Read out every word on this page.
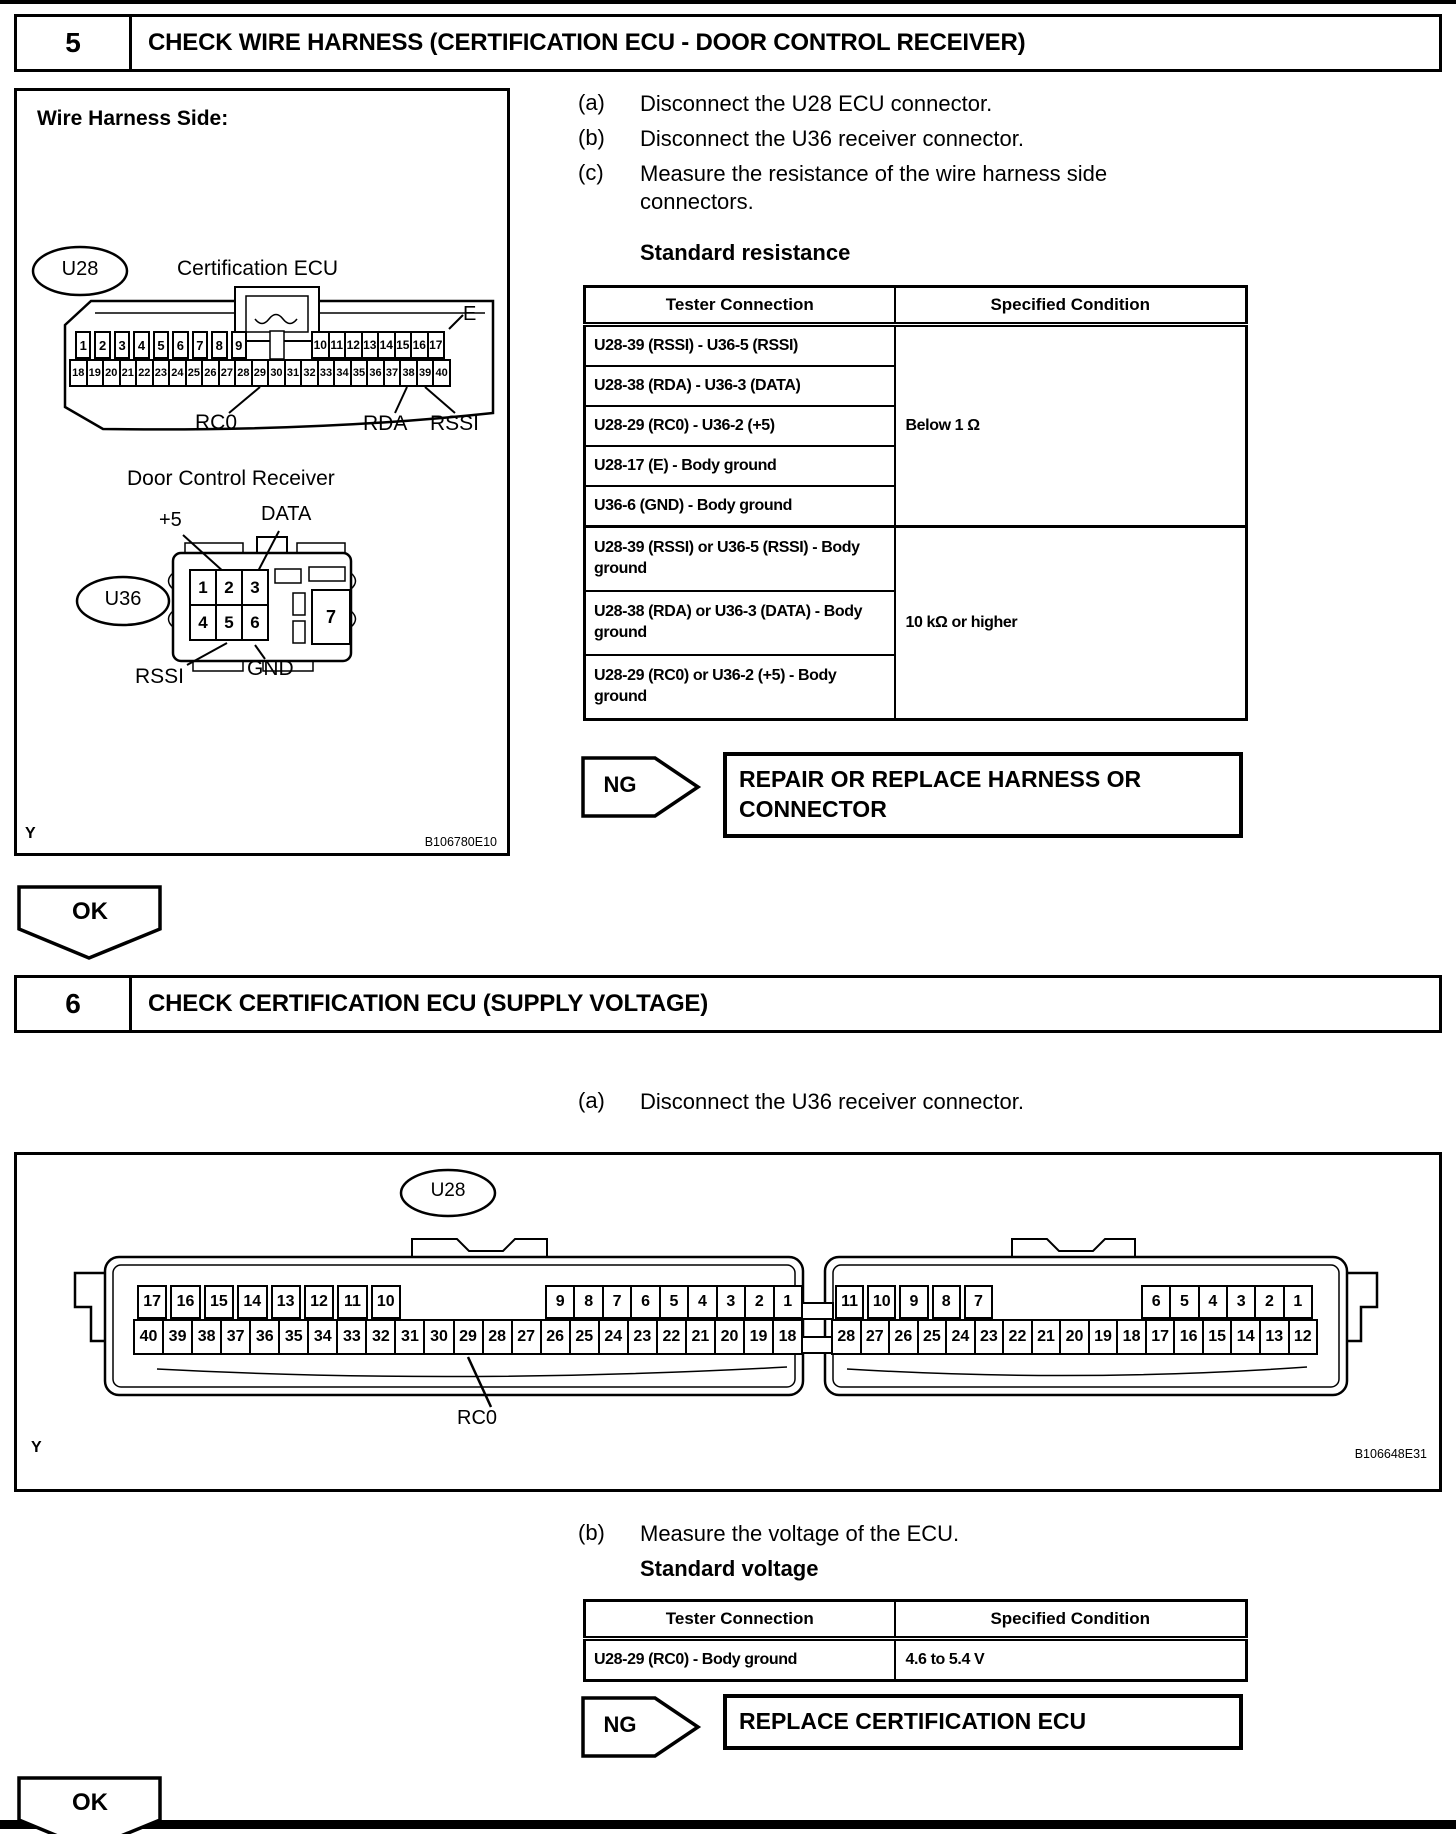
5	CHECK WIRE HARNESS (CERTIFICATION ECU - DOOR CONTROL RECEIVER)
Wire Harness Side:
U28	Certification ECU
1 2 3 4 5 6 7 8 9	10 11 12 13 14 15 16 17
18 19 20 21 22 23 24 25 26 27 28 29 30 31 32 33 34 35 36 37 38 39 40
E
RC0	RDA RSSI
Door Control Receiver
+5	DATA
U36
1 2 3
4 5 6	7
RSSI	GND
Y	B106780E10
(a)	Disconnect the U28 ECU connector.
(b)	Disconnect the U36 receiver connector.
(c)	Measure the resistance of the wire harness side connectors.
Standard resistance
Tester Connection	Specified Condition
U28-39 (RSSI) - U36-5 (RSSI)	Below 1 Ω
U28-38 (RDA) - U36-3 (DATA)	
U28-29 (RC0) - U36-2 (+5)	
U28-17 (E) - Body ground	
U36-6 (GND) - Body ground	
U28-39 (RSSI) or U36-5 (RSSI) - Body ground	10 kΩ or higher
U28-38 (RDA) or U36-3 (DATA) - Body ground	
U28-29 (RC0) or U36-2 (+5) - Body ground	
NG	REPAIR OR REPLACE HARNESS OR CONNECTOR
OK
6	CHECK CERTIFICATION ECU (SUPPLY VOLTAGE)
(a)	Disconnect the U36 receiver connector.
U28
17 16 15 14 13 12	11	10	9	8	7	6	5	4	3	2	1
40 39 38 37 36 35 34 33 32 31 30 29 28 27 26 25 24 23 22 21 20 19 18
11 10	9	8	7	6	5	4	3	2	1
28 27 26 25 24 23 22 21 20 19 18 17 16 15 14 13 12
RC0
Y	B106648E31
(b)	Measure the voltage of the ECU.
Standard voltage
Tester Connection	Specified Condition
U28-29 (RC0) - Body ground	4.6 to 5.4 V
NG	REPLACE CERTIFICATION ECU
OK
